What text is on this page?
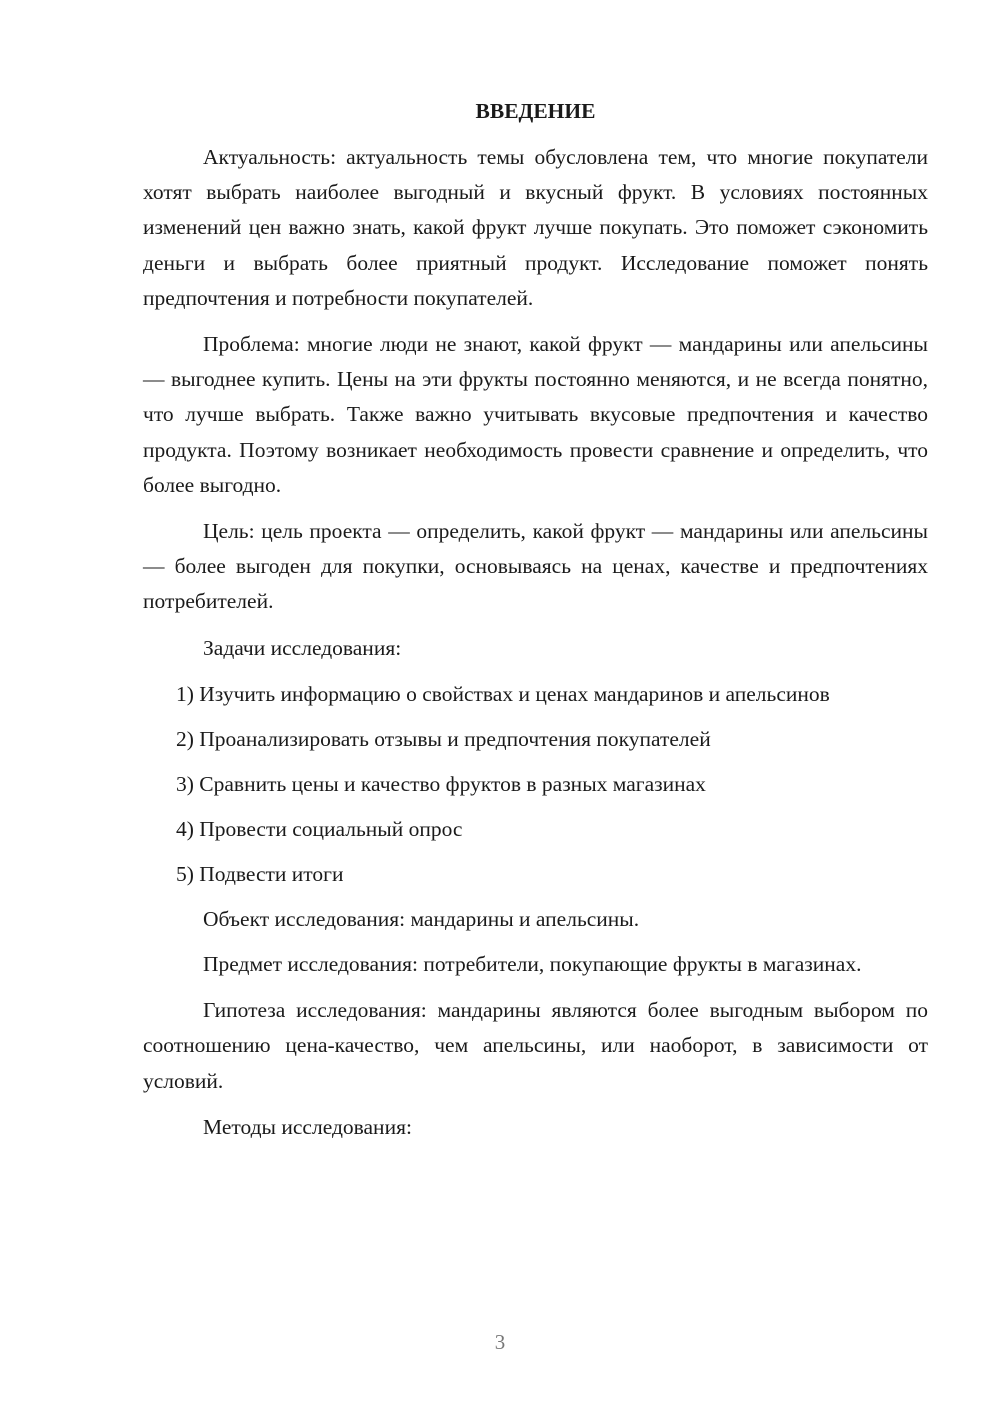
ВВЕДЕНИЕ

Актуальность: актуальность темы обусловлена тем, что многие покупатели хотят выбрать наиболее выгодный и вкусный фрукт. В условиях постоянных изменений цен важно знать, какой фрукт лучше покупать. Это поможет сэкономить деньги и выбрать более приятный продукт. Исследование поможет понять предпочтения и потребности покупателей.

Проблема: многие люди не знают, какой фрукт — мандарины или апельсины — выгоднее купить. Цены на эти фрукты постоянно меняются, и не всегда понятно, что лучше выбрать. Также важно учитывать вкусовые предпочтения и качество продукта. Поэтому возникает необходимость провести сравнение и определить, что более выгодно.

Цель: цель проекта — определить, какой фрукт — мандарины или апельсины — более выгоден для покупки, основываясь на ценах, качестве и предпочтениях потребителей.

Задачи исследования:

1) Изучить информацию о свойствах и ценах мандаринов и апельсинов

2) Проанализировать отзывы и предпочтения покупателей

3) Сравнить цены и качество фруктов в разных магазинах

4) Провести социальный опрос

5) Подвести итоги

Объект исследования: мандарины и апельсины.

Предмет исследования: потребители, покупающие фрукты в магазинах.

Гипотеза исследования: мандарины являются более выгодным выбором по соотношению цена-качество, чем апельсины, или наоборот, в зависимости от условий.

Методы исследования:

3
